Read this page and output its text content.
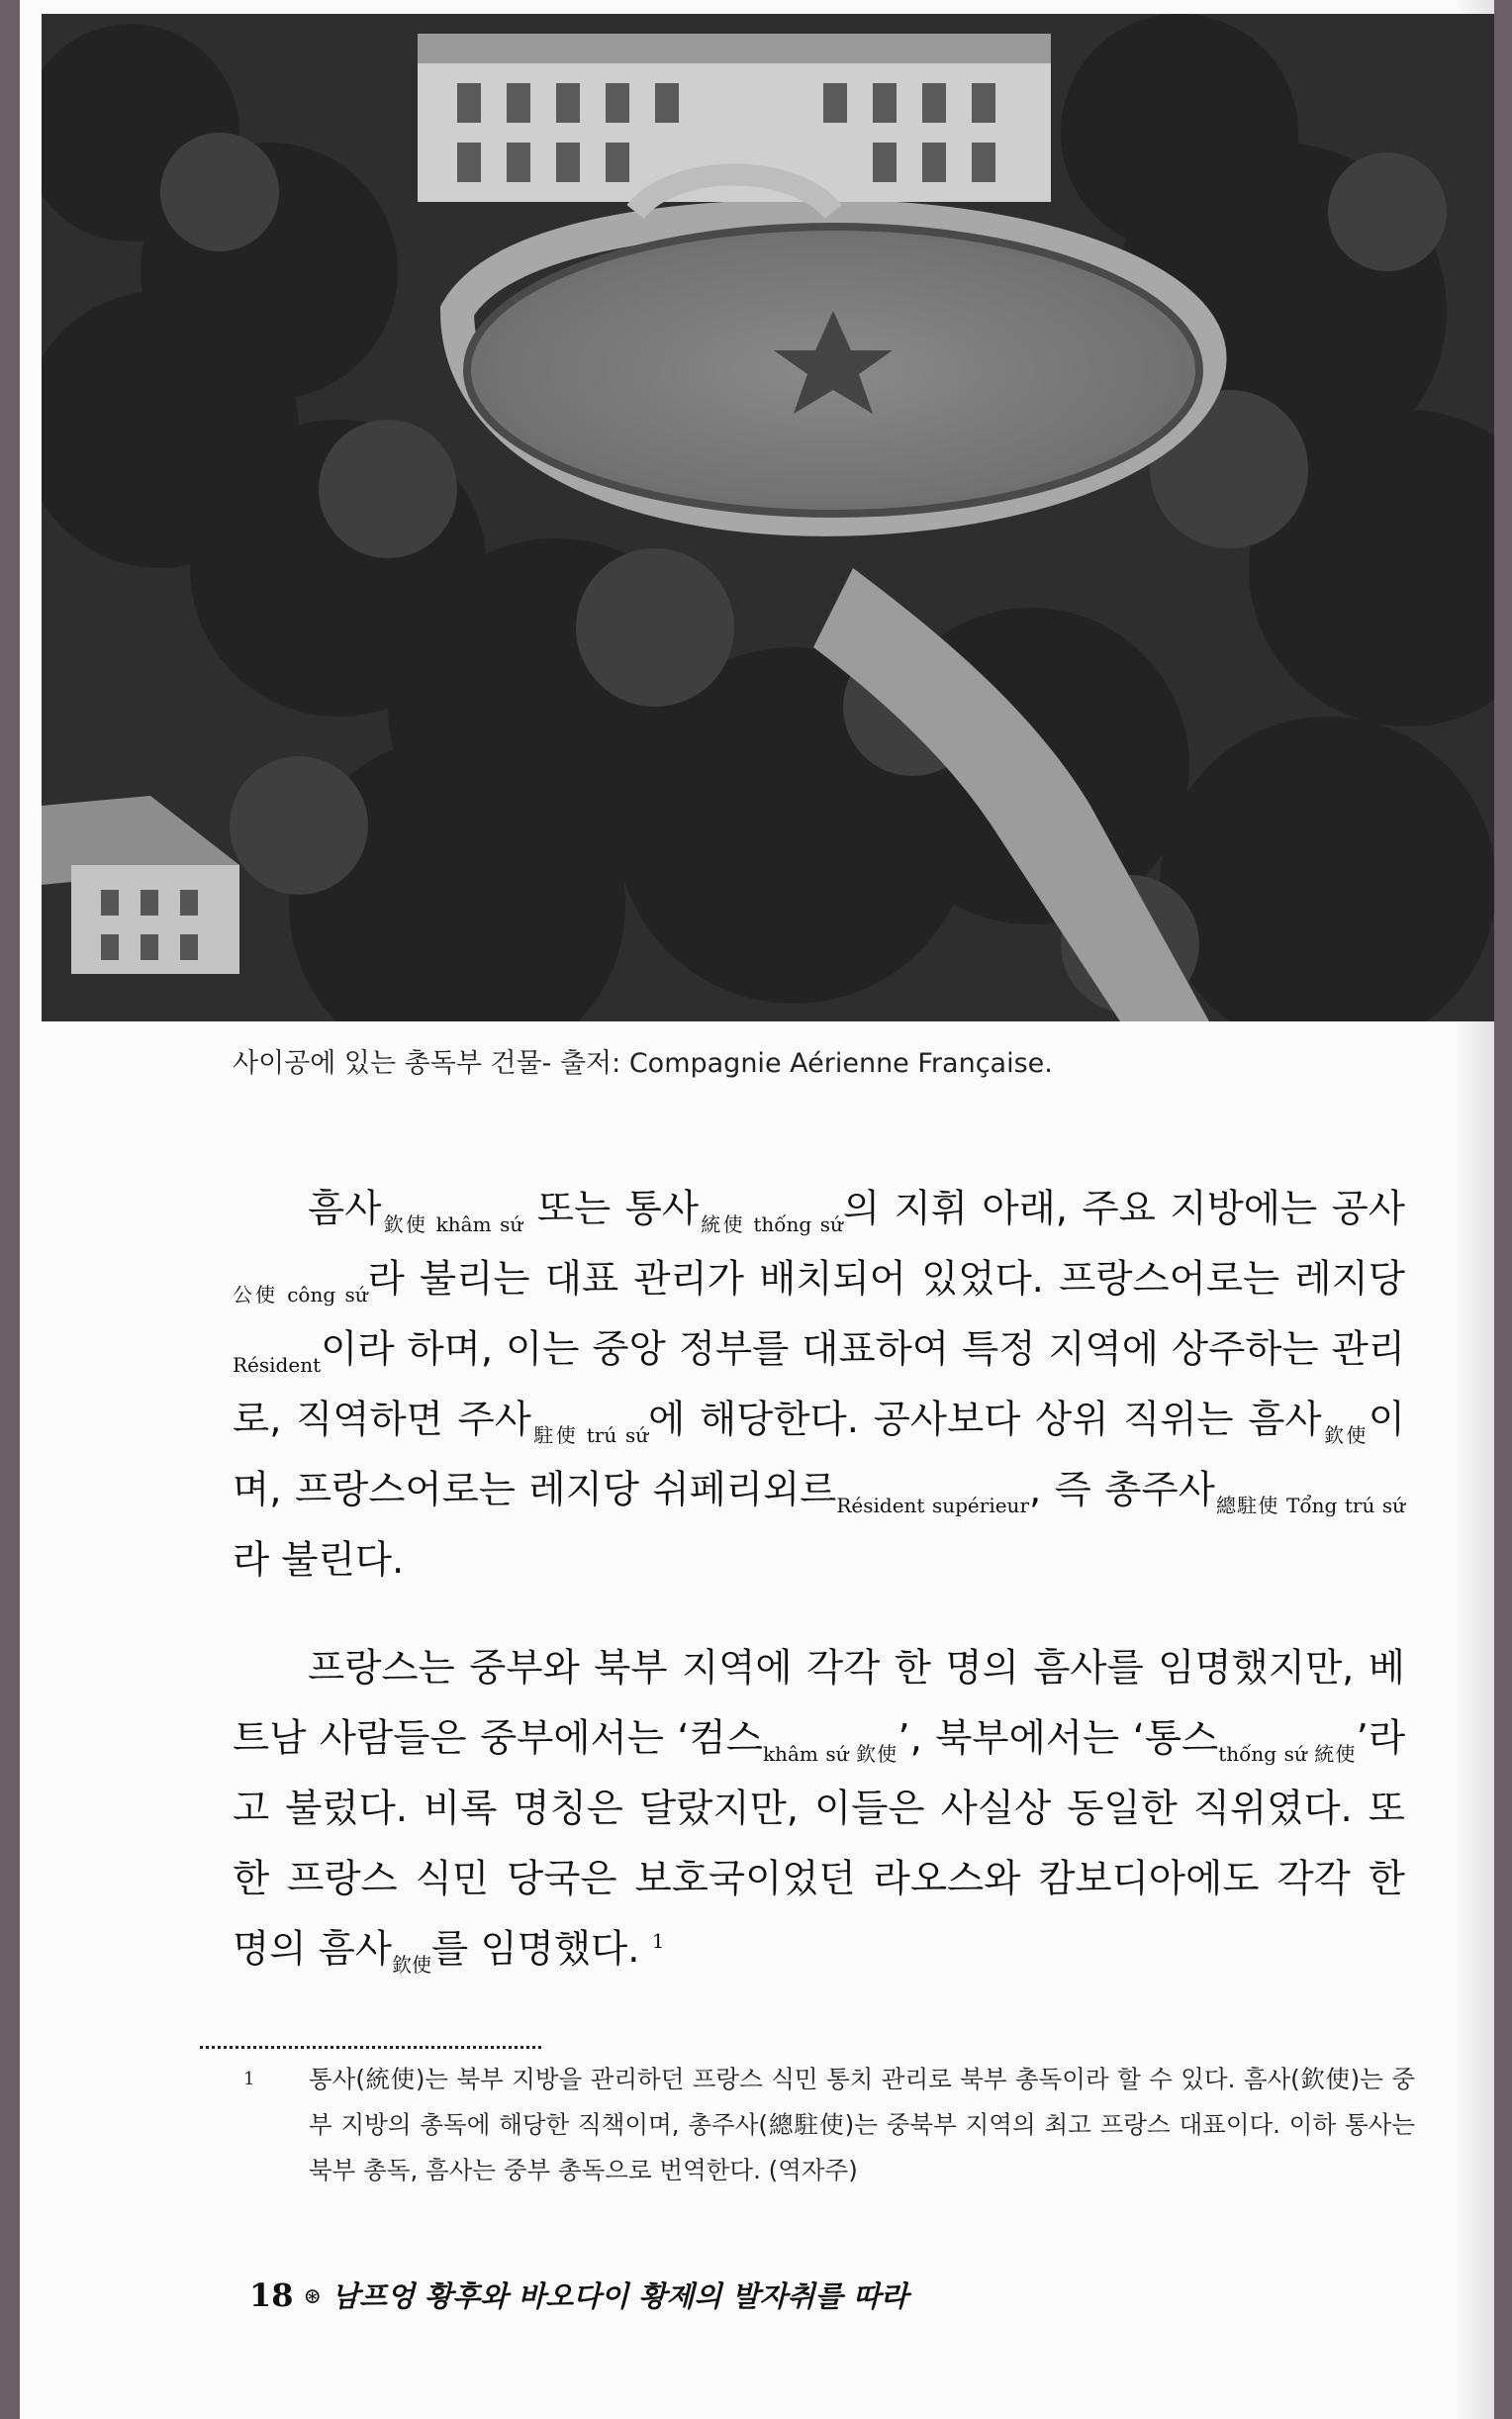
사이공에 있는 총독부 건물- 출저: Compagnie Aérienne Française.

흠사$_{欽使 khâm sứ}$ 또는 통사$_{統使 thống sứ}$의 지휘 아래, 주요 지방에는 공사$_{公使 công sứ}$라 불리는 대표 관리가 배치되어 있었다. 프랑스어로는 레지당$_{Résident}$이라 하며, 이는 중앙 정부를 대표하여 특정 지역에 상주하는 관리로, 직역하면 주사$_{駐使 trú sứ}$에 해당한다. 공사보다 상위 직위는 흠사$_{欽使}$이며, 프랑스어로는 레지당 쉬페리외르$_{Résident supérieur}$, 즉 총주사$_{總駐使 Tổng trú sứ}$라 불린다.

프랑스는 중부와 북부 지역에 각각 한 명의 흠사를 임명했지만, 베트남 사람들은 중부에서는 ‘컴스$_{khâm sứ 欽使}$’, 북부에서는 ‘통스$_{thống sứ 統使}$’라고 불렀다. 비록 명칭은 달랐지만, 이들은 사실상 동일한 직위였다. 또한 프랑스 식민 당국은 보호국이었던 라오스와 캄보디아에도 각각 한 명의 흠사$_{欽使}$를 임명했다. $^1$

1 통사(統使)는 북부 지방을 관리하던 프랑스 식민 통치 관리로 북부 총독이라 할 수 있다. 흠사(欽使)는 중부 지방의 총독에 해당한 직책이며, 총주사(總駐使)는 중북부 지역의 최고 프랑스 대표이다. 이하 통사는 북부 총독, 흠사는 중부 총독으로 번역한다. (역자주)
18 ⊛ 남프엉 황후와 바오다이 황제의 발자취를 따라
